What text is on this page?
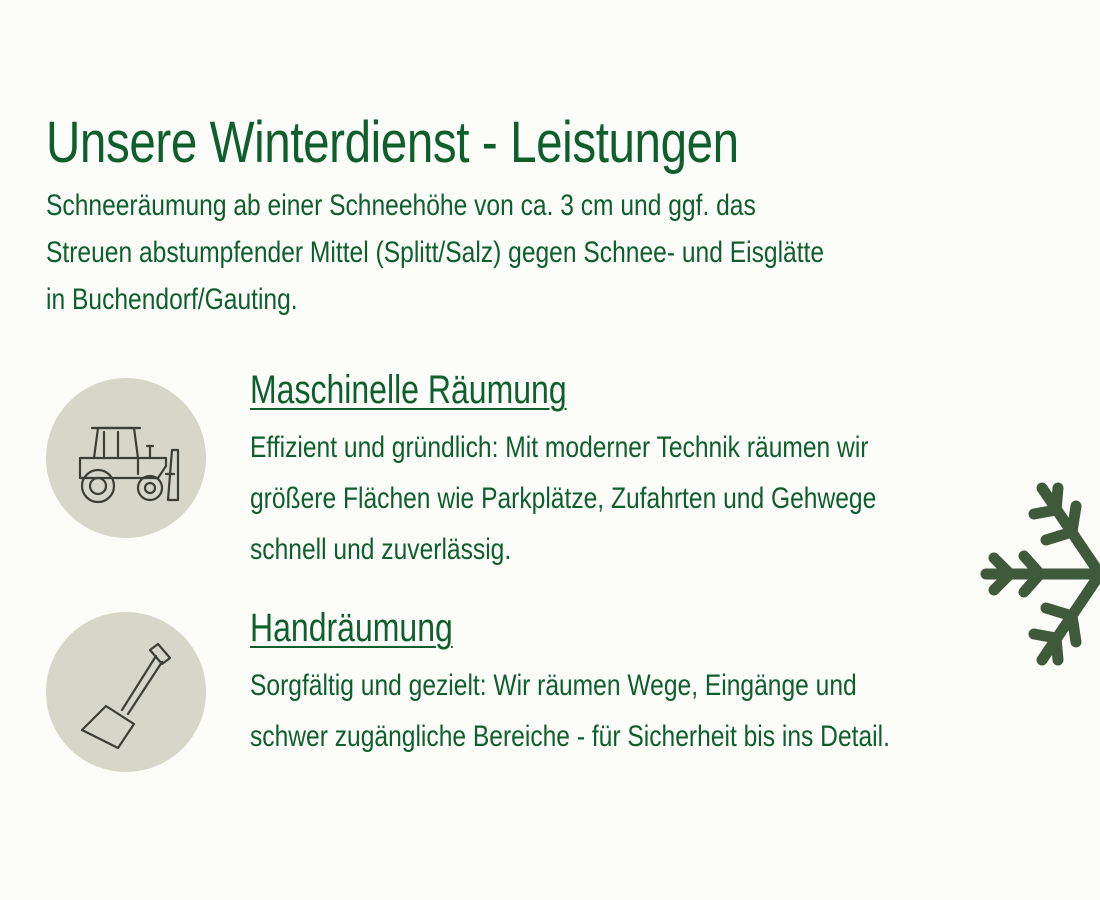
Unsere Winterdienst - Leistungen
Schneeräumung ab einer Schneehöhe von ca. 3 cm und ggf. das
Streuen abstumpfender Mittel (Splitt/Salz) gegen Schnee- und Eisglätte
in Buchendorf/Gauting.
Maschinelle Räumung
Effizient und gründlich: Mit moderner Technik räumen wir
größere Flächen wie Parkplätze, Zufahrten und Gehwege
schnell und zuverlässig.
Handräumung
Sorgfältig und gezielt: Wir räumen Wege, Eingänge und
schwer zugängliche Bereiche - für Sicherheit bis ins Detail.
